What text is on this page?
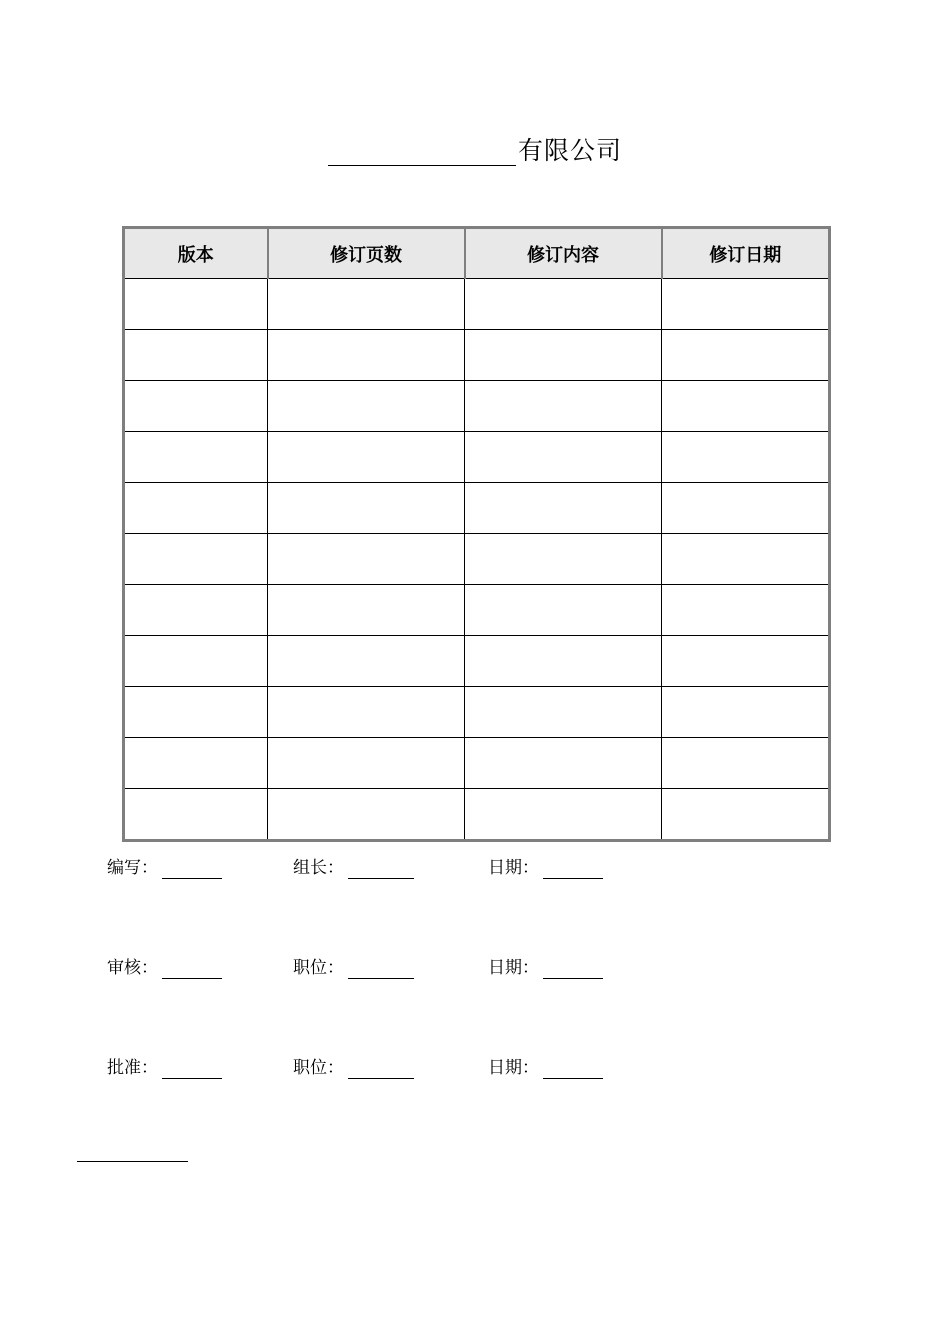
有限公司
版本	修订页数	修订内容	修订日期

编写：	组长：	日期：
审核：	职位：	日期：
批准：	职位：	日期：
